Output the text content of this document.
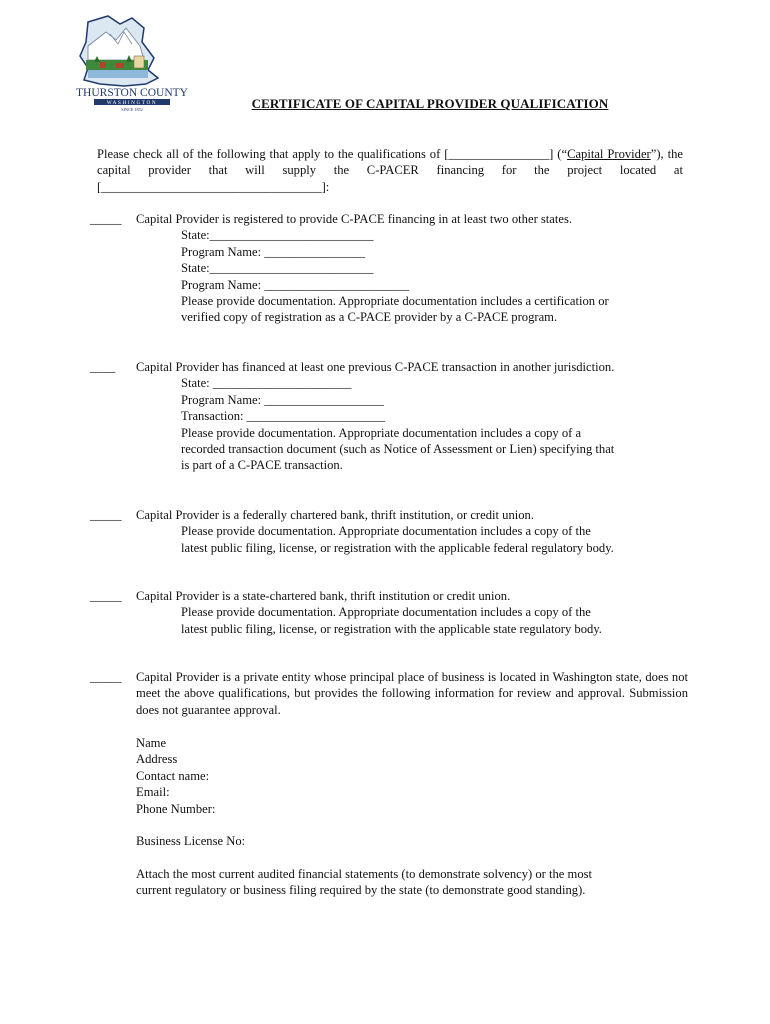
THURSTON COUNTY
WASHINGTON
SINCE 1852	CERTIFICATE OF CAPITAL PROVIDER QUALIFICATION

Please check all of the following that apply to the qualifications of [________________] (“Capital Provider”), the capital provider that will supply the C-PACER financing for the project located at

[___________________________________]:

_____ Capital Provider is registered to provide C-PACE financing in at least two other states.
State:__________________________
Program Name: ________________
State:__________________________
Program Name: _______________________
Please provide documentation. Appropriate documentation includes a certification or
verified copy of registration as a C-PACE provider by a C-PACE program.
____ Capital Provider has financed at least one previous C-PACE transaction in another jurisdiction.
State: ______________________
Program Name: ___________________
Transaction: ______________________
Please provide documentation. Appropriate documentation includes a copy of a
recorded transaction document (such as Notice of Assessment or Lien) specifying that
is part of a C-PACE transaction.
_____ Capital Provider is a federally chartered bank, thrift institution, or credit union.
Please provide documentation. Appropriate documentation includes a copy of the
latest public filing, license, or registration with the applicable federal regulatory body.
_____ Capital Provider is a state-chartered bank, thrift institution or credit union.
Please provide documentation. Appropriate documentation includes a copy of the
latest public filing, license, or registration with the applicable state regulatory body.
_____ Capital Provider is a private entity whose principal place of business is located in Washington state, does not meet the above qualifications, but provides the following information for review and approval. Submission does not guarantee approval.
Name
Address
Contact name:
Email:
Phone Number:
Business License No:
Attach the most current audited financial statements (to demonstrate solvency) or the most
current regulatory or business filing required by the state (to demonstrate good standing).
